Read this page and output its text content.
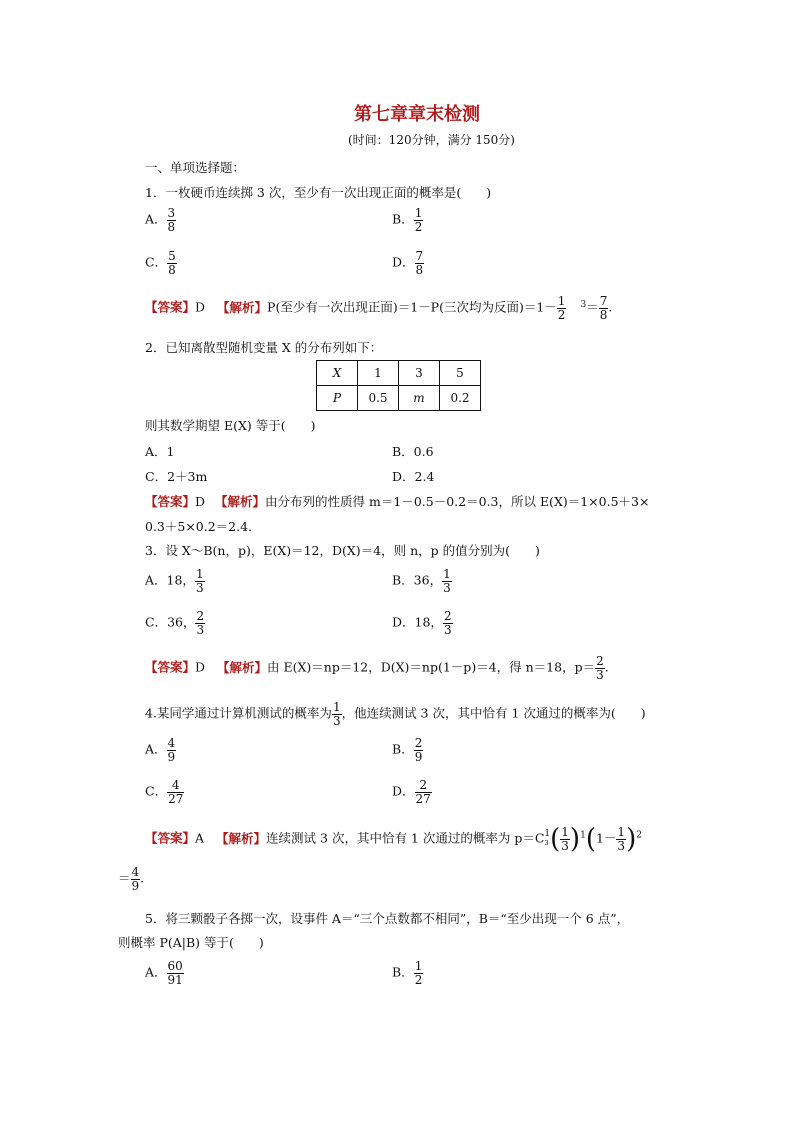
第七章章末检测
(时间：120分钟，满分 150分)
一、单项选择题：
1．一枚硬币连续掷 3 次，至少有一次出现正面的概率是(　　)
A． $\frac{3}{8}$	B． $\frac{1}{2}$
C． $\frac{5}{8}$	D． $\frac{7}{8}$
【答案】D 【解析】P(至少有一次出现正面)＝1－P(三次均为反面)$=1- \frac{1}{2} ^3= \frac{7}{8}$ .
2．已知离散型随机变量 X 的分布列如下：
X	1	3	5
P	0.5	m	0.2
则其数学期望 E(X) 等于(　　)
A．1	B．0.6
C．2＋3m	D．2.4
【答案】D 【解析】由分布列的性质得 m＝1－0.5－0.2＝0.3，所以 E(X)＝1×0.5＋3×
0.3＋5×0.2＝2.4.
3．设 X～B(n，p)，E(X)＝12，D(X)＝4，则 n，p 的值分别为(　　)
A．18， $\frac{1}{3}$	B．36， $\frac{1}{3}$
C．36， $\frac{2}{3}$	D．18， $\frac{2}{3}$
【答案】D 【解析】由 E(X)＝np＝12，D(X)＝np(1－p)＝4，得 n＝18，$p= \frac{2}{3}$ .
4.某同学通过计算机测试的概率为 $\frac{1}{3}$ ，他连续测试 3 次，其中恰有 1 次通过的概率为(　　)
A． $\frac{4}{9}$	B． $\frac{2}{9}$
C． $\frac{4}{27}$	D． $\frac{2}{27}$
【答案】A 【解析】连续测试 3 次，其中恰有 1 次通过的概率为 p＝C 1
3 ( $\frac{1}{3} )^1(1- \frac{1}{3} )^2$
＝ $\frac{4}{9}$ .
5．将三颗骰子各掷一次，设事件 A＝“三个点数都不相同”，B＝“至少出现一个 6 点”，
则概率 P(A|B) 等于(　　)
A． $\frac{60}{91}$	B． $\frac{1}{2}$
